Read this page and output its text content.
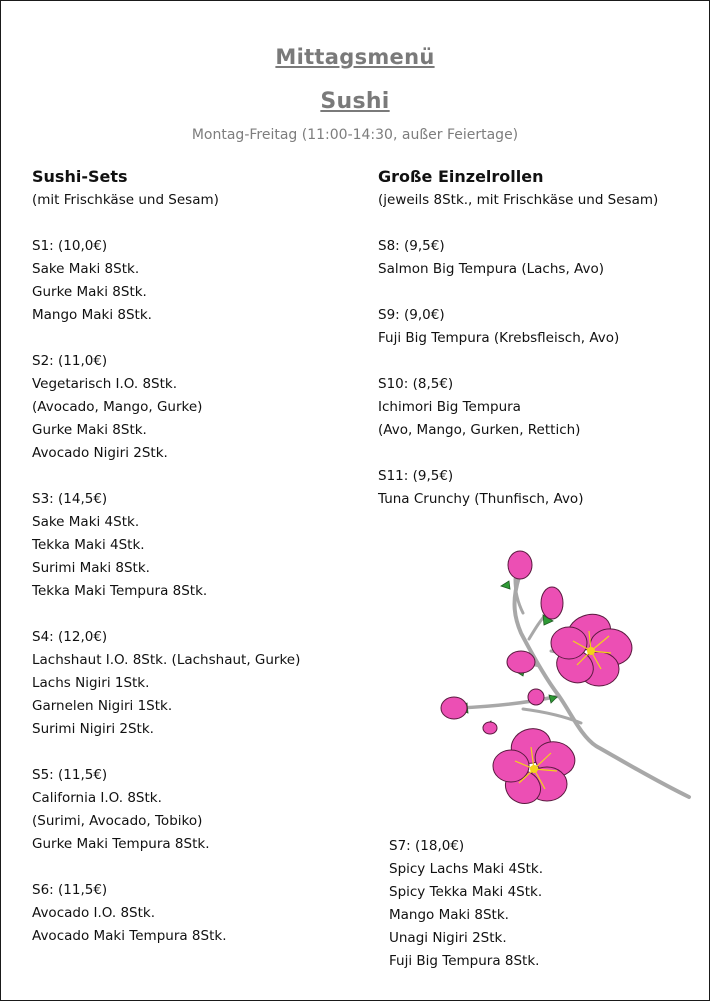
Mittagsmenü
Sushi
Montag-Freitag (11:00-14:30, außer Feiertage)
Sushi-Sets
(mit Frischkäse und Sesam)
S1: (10,0€)
Sake Maki 8Stk.
Gurke Maki 8Stk.
Mango Maki 8Stk.
S2: (11,0€)
Vegetarisch I.O. 8Stk.
(Avocado, Mango, Gurke)
Gurke Maki 8Stk.
Avocado Nigiri 2Stk.
S3: (14,5€)
Sake Maki 4Stk.
Tekka Maki 4Stk.
Surimi Maki 8Stk.
Tekka Maki Tempura 8Stk.
S4: (12,0€)
Lachshaut I.O. 8Stk. (Lachshaut, Gurke)
Lachs Nigiri 1Stk.
Garnelen Nigiri 1Stk.
Surimi Nigiri 2Stk.
S5: (11,5€)
California I.O. 8Stk.
(Surimi, Avocado, Tobiko)
Gurke Maki Tempura 8Stk.
S6: (11,5€)
Avocado I.O. 8Stk.
Avocado Maki Tempura 8Stk.
Große Einzelrollen
(jeweils 8Stk., mit Frischkäse und Sesam)
S8: (9,5€)
Salmon Big Tempura (Lachs, Avo)
S9: (9,0€)
Fuji Big Tempura (Krebsfleisch, Avo)
S10: (8,5€)
Ichimori Big Tempura
(Avo, Mango, Gurken, Rettich)
S11: (9,5€)
Tuna Crunchy (Thunfisch, Avo)
S7: (18,0€)
Spicy Lachs Maki 4Stk.
Spicy Tekka Maki 4Stk.
Mango Maki 8Stk.
Unagi Nigiri 2Stk.
Fuji Big Tempura 8Stk.
